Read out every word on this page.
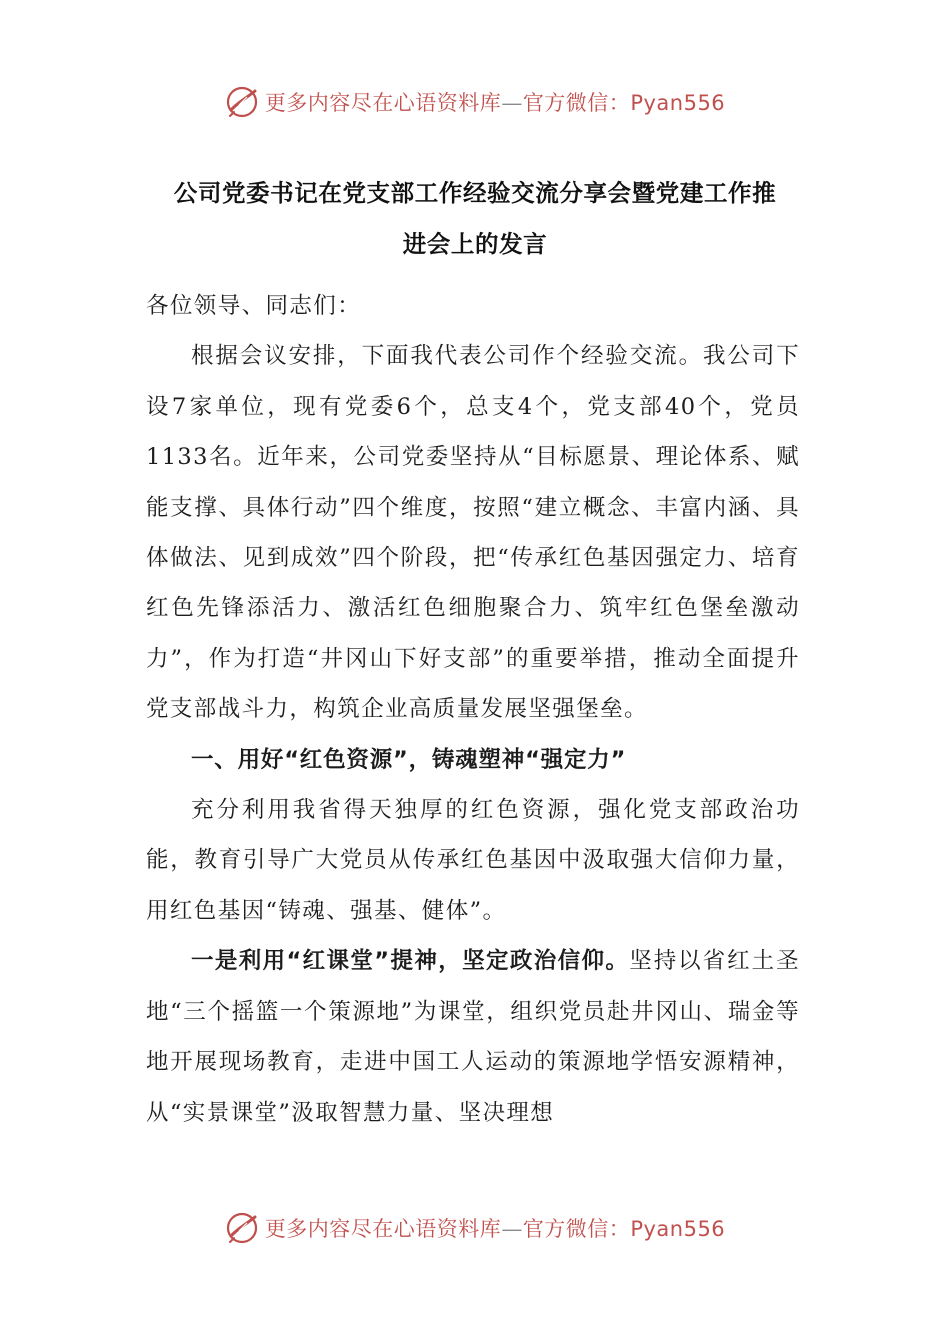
更多内容尽在心语资料库—官方微信：Pyan556
公司党委书记在党支部工作经验交流分享会暨党建工作推
进会上的发言

各位领导、同志们：

根据会议安排，下面我代表公司作个经验交流。我公司下设7家单位，现有党委6个，总支4个，党支部40个，党员1133名。近年来，公司党委坚持从“目标愿景、理论体系、赋能支撑、具体行动”四个维度，按照“建立概念、丰富内涵、具体做法、见到成效”四个阶段，把“传承红色基因强定力、培育红色先锋添活力、激活红色细胞聚合力、筑牢红色堡垒激动力”，作为打造“井冈山下好支部”的重要举措，推动全面提升党支部战斗力，构筑企业高质量发展坚强堡垒。

一、用好“红色资源”，铸魂塑神“强定力”

充分利用我省得天独厚的红色资源，强化党支部政治功能，教育引导广大党员从传承红色基因中汲取强大信仰力量，用红色基因“铸魂、强基、健体”。

一是利用“红课堂”提神，坚定政治信仰。坚持以省红土圣地“三个摇篮一个策源地”为课堂，组织党员赴井冈山、瑞金等地开展现场教育，走进中国工人运动的策源地学悟安源精神，从“实景课堂”汲取智慧力量、坚决理想

更多内容尽在心语资料库—官方微信：Pyan556
